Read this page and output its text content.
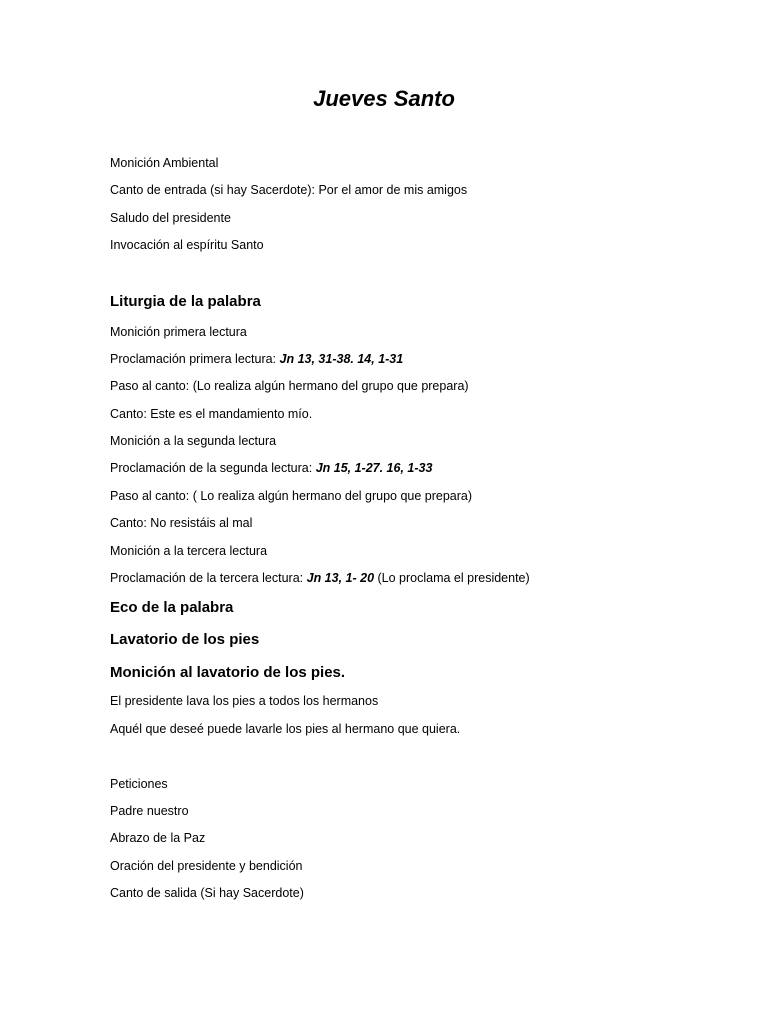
Jueves Santo
Monición Ambiental
Canto de entrada (si hay Sacerdote): Por el amor de mis amigos
Saludo del presidente
Invocación al espíritu Santo
Liturgia de la palabra
Monición primera lectura
Proclamación primera lectura: Jn 13, 31-38. 14, 1-31
Paso al canto: (Lo realiza algún hermano del grupo que prepara)
Canto: Este es el mandamiento mío.
Monición a la segunda lectura
Proclamación de la segunda lectura: Jn 15, 1-27. 16, 1-33
Paso al canto: ( Lo realiza algún hermano del grupo que prepara)
Canto: No resistáis al mal
Monición a la tercera lectura
Proclamación de la tercera lectura: Jn 13, 1- 20 (Lo proclama el presidente)
Eco de la palabra
Lavatorio de los pies
Monición al lavatorio de los pies.
El presidente lava los pies a todos los hermanos
Aquél que deseé puede lavarle los pies al hermano que quiera.
Peticiones
Padre nuestro
Abrazo de la Paz
Oración del presidente y bendición
Canto de salida (Si hay Sacerdote)
